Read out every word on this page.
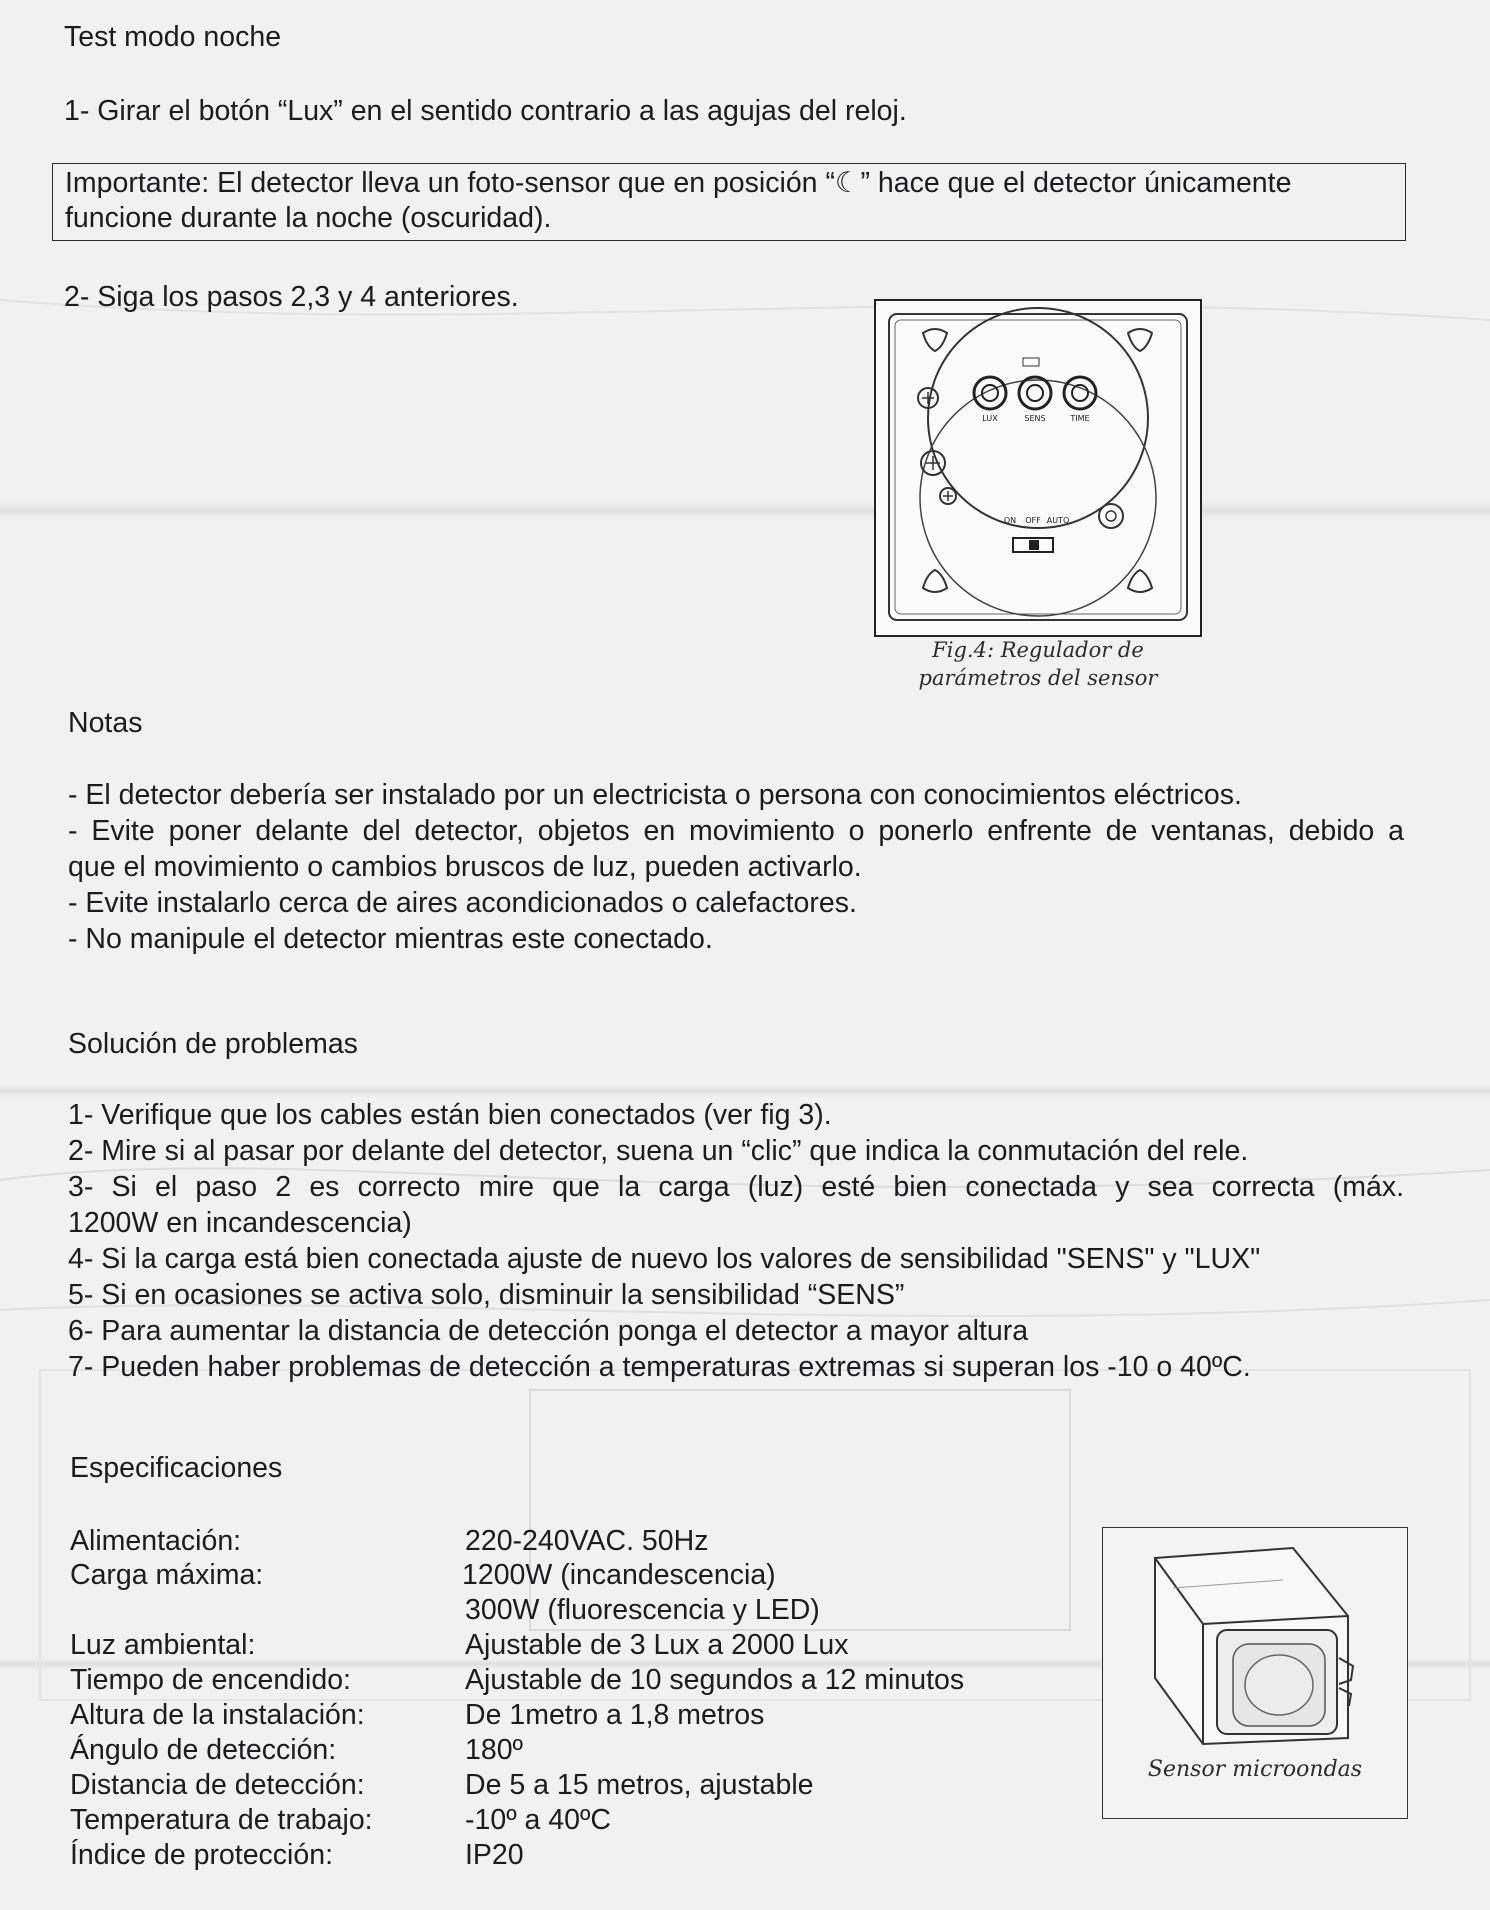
Test modo noche
1- Girar el botón “Lux” en el sentido contrario a las agujas del reloj.
Importante: El detector lleva un foto-sensor que en posición “☾” hace que el detector únicamente
funcione durante la noche (oscuridad).
2- Siga los pasos 2,3 y 4 anteriores.
LUX	SENS	TIME
ON OFF AUTO
Fig.4: Regulador de
parámetros del sensor
Notas
- El detector debería ser instalado por un electricista o persona con conocimientos eléctricos.
- Evite poner delante del detector, objetos en movimiento o ponerlo enfrente de ventanas, debido a
que el movimiento o cambios bruscos de luz, pueden activarlo.
- Evite instalarlo cerca de aires acondicionados o calefactores.
- No manipule el detector mientras este conectado.
Solución de problemas
1- Verifique que los cables están bien conectados (ver fig 3).
2- Mire si al pasar por delante del detector, suena un “clic” que indica la conmutación del rele.
3- Si el paso 2 es correcto mire que la carga (luz) esté bien conectada y sea correcta (máx.
1200W en incandescencia)
4- Si la carga está bien conectada ajuste de nuevo los valores de sensibilidad "SENS" y "LUX"
5- Si en ocasiones se activa solo, disminuir la sensibilidad “SENS”
6- Para aumentar la distancia de detección ponga el detector a mayor altura
7- Pueden haber problemas de detección a temperaturas extremas si superan los -10 o 40ºC.
Especificaciones
Alimentación:	220-240VAC. 50Hz
Carga máxima:	1200W (incandescencia)
300W (fluorescencia y LED)
Luz ambiental:	Ajustable de 3 Lux a 2000 Lux
Tiempo de encendido:	Ajustable de 10 segundos a 12 minutos
Altura de la instalación:	De 1metro a 1,8 metros
Ángulo de detección:	180º
Distancia de detección:	De 5 a 15 metros, ajustable
Temperatura de trabajo:	-10º a 40ºC
Índice de protección:	IP20
Sensor microondas
